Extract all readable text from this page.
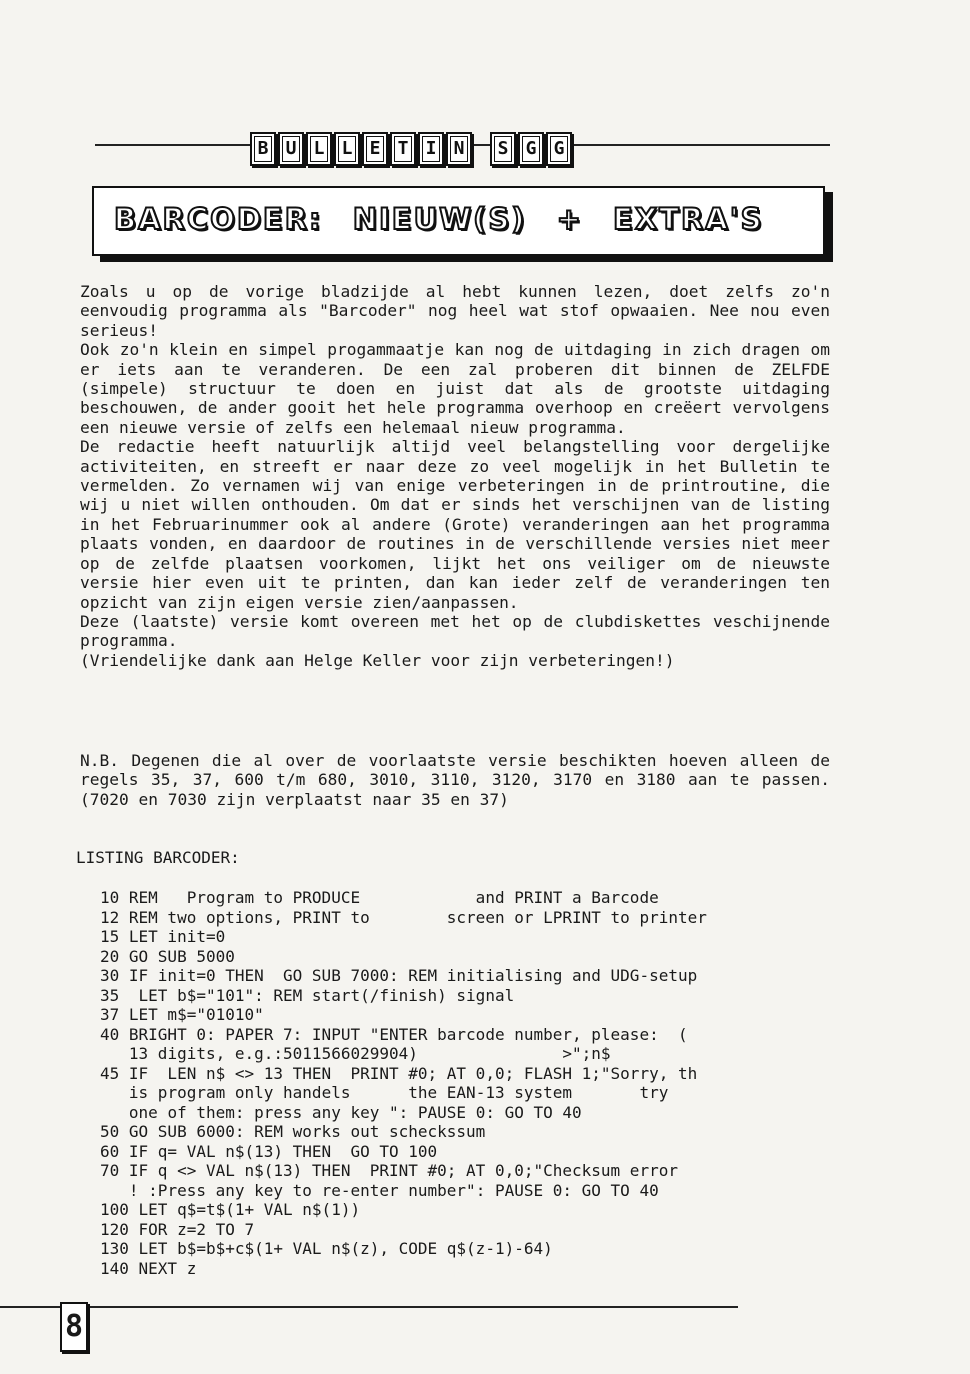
B U L L E T I N	S G G
BARCODER: NIEUW(S) + EXTRA'S

Zoals u op de vorige bladzijde al hebt kunnen lezen, doet zelfs zo'n eenvoudig programma als "Barcoder" nog heel wat stof opwaaien. Nee nou even serieus!

Ook zo'n klein en simpel progammaatje kan nog de uitdaging in zich dragen om er iets aan te veranderen. De een zal proberen dit binnen de ZELFDE (simpele) structuur te doen en juist dat als de grootste uitdaging beschouwen, de ander gooit het hele programma overhoop en creëert vervolgens een nieuwe versie of zelfs een helemaal nieuw programma.

De redactie heeft natuurlijk altijd veel belangstelling voor dergelijke activiteiten, en streeft er naar deze zo veel mogelijk in het Bulletin te vermelden. Zo vernamen wij van enige verbeteringen in de printroutine, die wij u niet willen onthouden. Om dat er sinds het verschijnen van de listing in het Februarinummer ook al andere (Grote) veranderingen aan het programma plaats vonden, en daardoor de routines in de verschillende versies niet meer op de zelfde plaatsen voorkomen, lijkt het ons veiliger om de nieuwste versie hier even uit te printen, dan kan ieder zelf de veranderingen ten opzicht van zijn eigen versie zien/aanpassen.

Deze (laatste) versie komt overeen met het op de clubdiskettes veschijnende programma.

(Vriendelijke dank aan Helge Keller voor zijn verbeteringen!)

N.B. Degenen die al over de voorlaatste versie beschikten hoeven alleen de regels 35, 37, 600 t/m 680, 3010, 3110, 3120, 3170 en 3180 aan te passen. (7020 en 7030 zijn verplaatst naar 35 en 37)

LISTING BARCODER:
10 REM   Program to PRODUCE            and PRINT a Barcode
12 REM two options, PRINT to        screen or LPRINT to printer
15 LET init=0
20 GO SUB 5000
30 IF init=0 THEN  GO SUB 7000: REM initialising and UDG-setup
35  LET b$="101": REM start(/finish) signal
37 LET m$="01010"
40 BRIGHT 0: PAPER 7: INPUT "ENTER barcode number, please:  (
13 digits, e.g.:5011566029904)               >";n$
45 IF  LEN n$ <> 13 THEN  PRINT #0; AT 0,0; FLASH 1;"Sorry, th
is program only handels      the EAN-13 system       try
one of them: press any key ": PAUSE 0: GO TO 40
50 GO SUB 6000: REM works out scheckssum
60 IF q= VAL n$(13) THEN  GO TO 100
70 IF q <> VAL n$(13) THEN  PRINT #0; AT 0,0;"Checksum error
! :Press any key to re-enter number": PAUSE 0: GO TO 40
100 LET q$=t$(1+ VAL n$(1))
120 FOR z=2 TO 7
130 LET b$=b$+c$(1+ VAL n$(z), CODE q$(z-1)-64)
140 NEXT z
8
